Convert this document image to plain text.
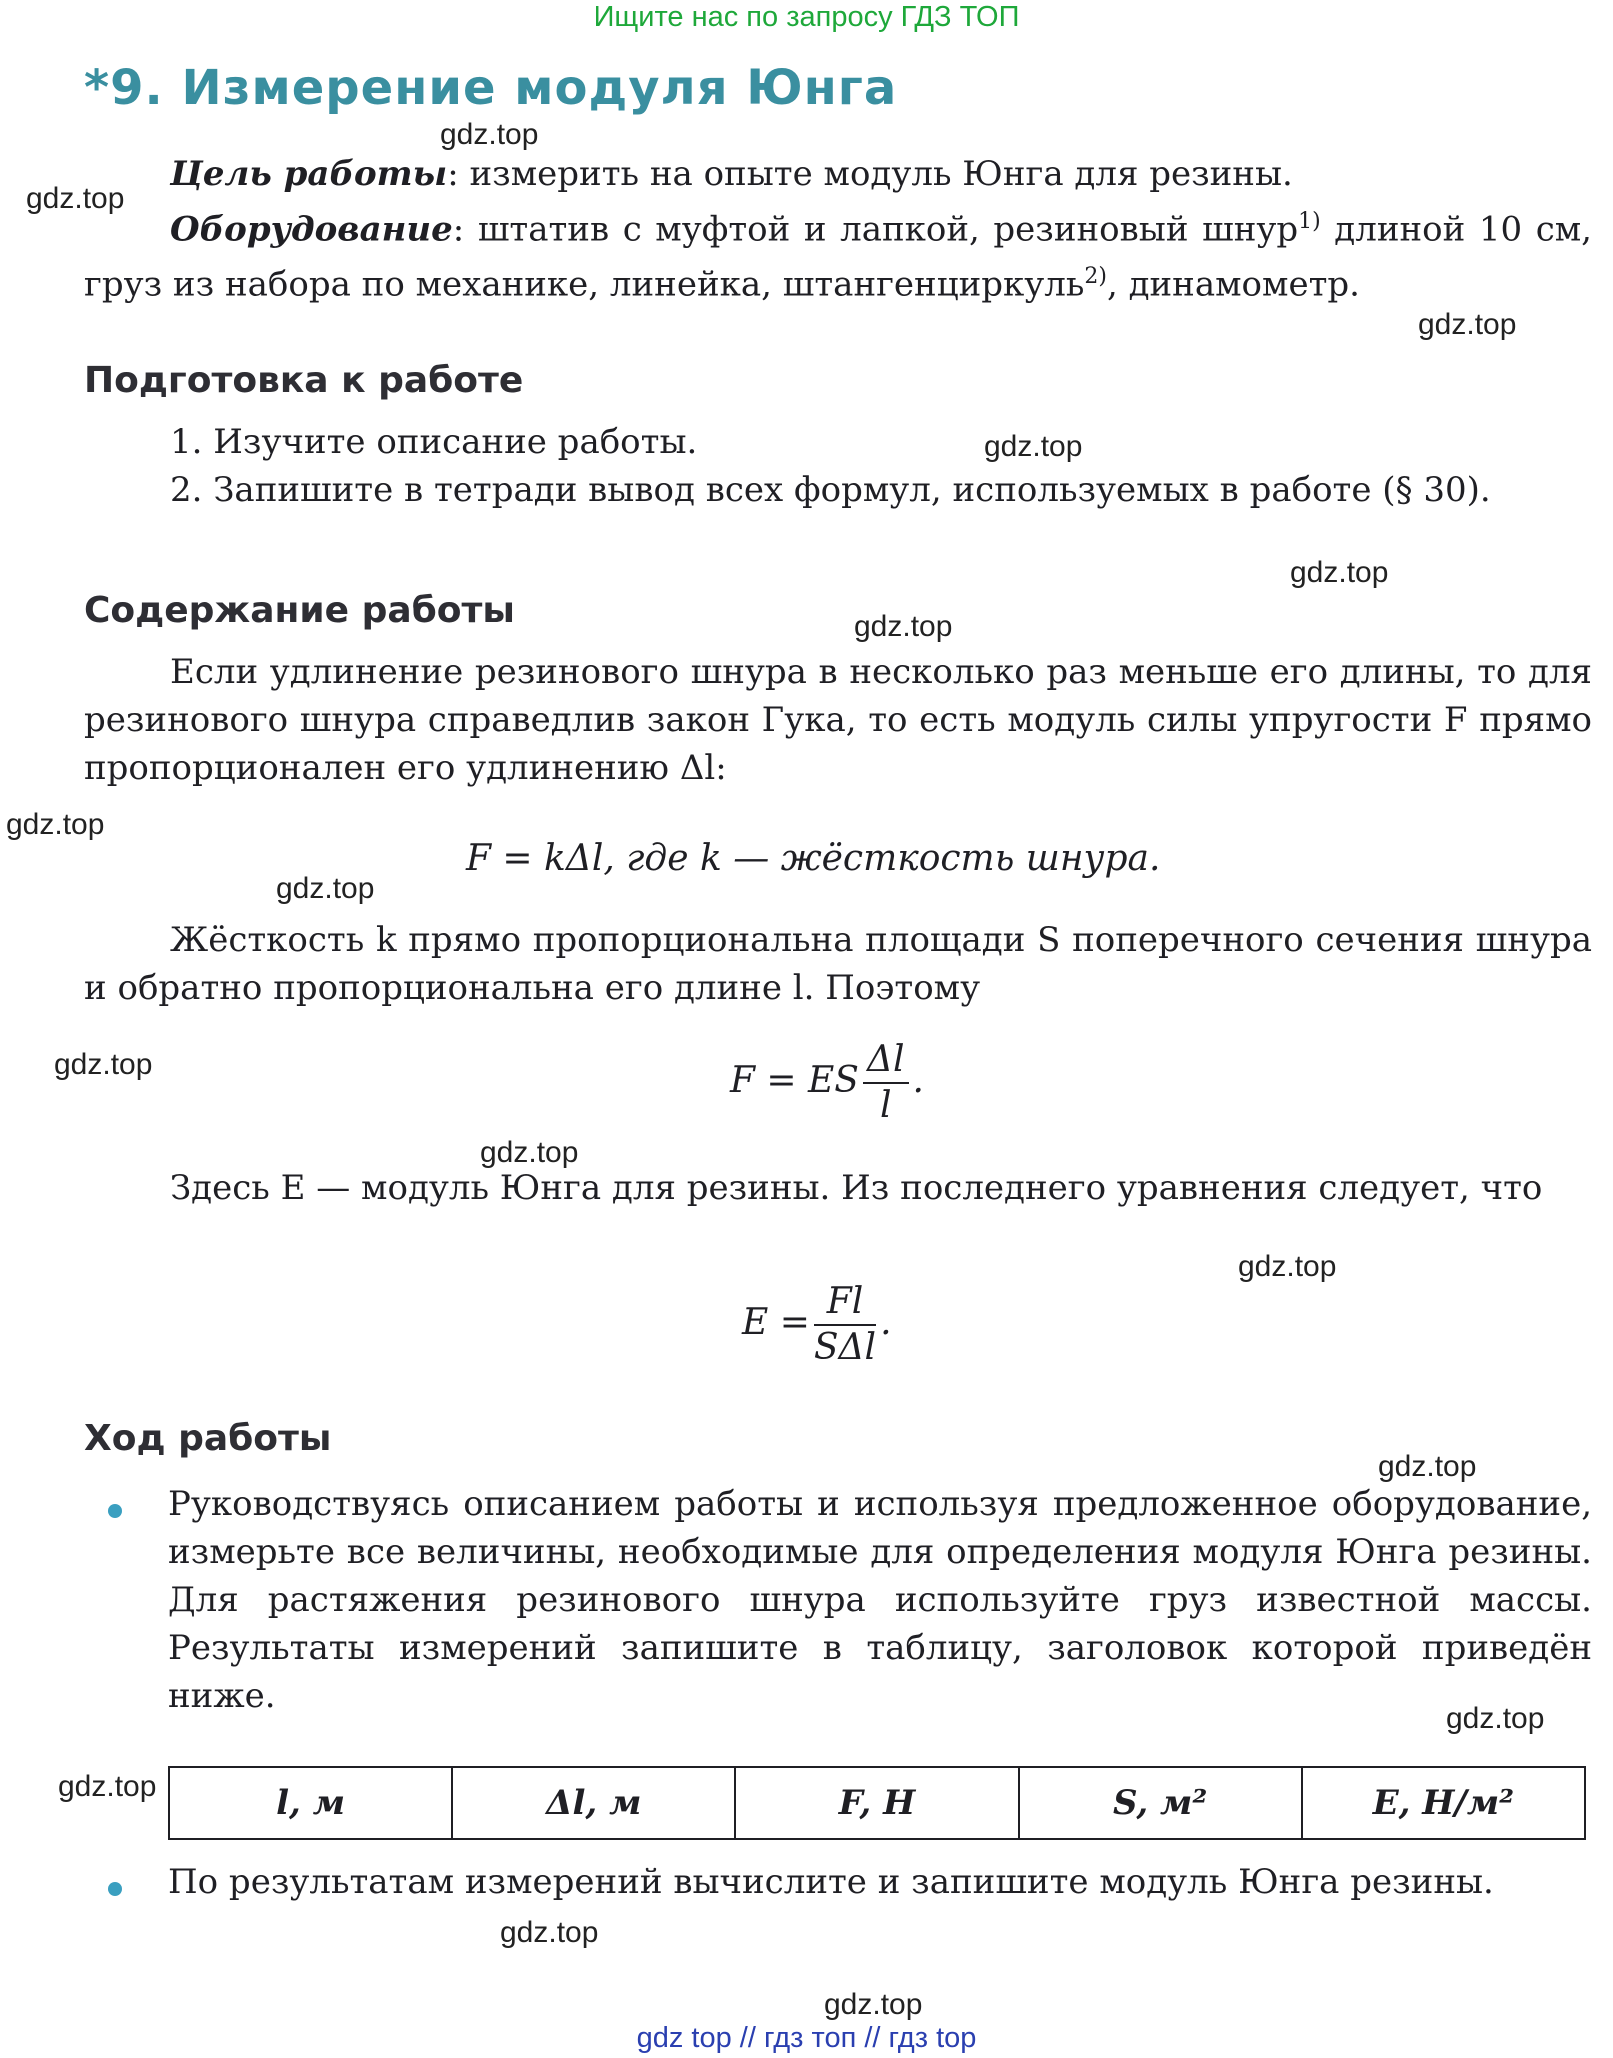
Ищите нас по запросу ГДЗ ТОП
*9. Измерение модуля Юнга

Цель работы: измерить на опыте модуль Юнга для резины.
Оборудование: штатив с муфтой и лапкой, резиновый шнур$^{1)}$ длиной 10 см, груз из набора по механике, линейка, штангенциркуль$^{2)}$, динамометр.

Подготовка к работе

1. Изучите описание работы.

2. Запишите в тетради вывод всех формул, используемых в работе (§ 30).

Содержание работы

Если удлинение резинового шнура в несколько раз меньше его длины, то для резинового шнура справедлив закон Гука, то есть модуль силы упругости F прямо пропорционален его удлинению Δl:

F = kΔl, где k — жёсткость шнура.

Жёсткость k прямо пропорциональна площади S поперечного сечения шнура и обратно пропорциональна его длине l. Поэтому

F = ES $\frac{\Delta l}{l}$ .

Здесь E — модуль Юнга для резины. Из последнего уравнения следует, что

$E = \frac{Fl}{\text{SΔl}}$ .
Ход работы

Руководствуясь описанием работы и используя предложенное оборудование, измерьте все величины, необходимые для определения модуля Юнга резины. Для растяжения резинового шнура используйте груз известной массы. Результаты измерений запишите в таблицу, заголовок которой приведён ниже.

l, м	Δl, м	F, Н	S, м²	E, Н/м²

По результатам измерений вычислите и запишите модуль Юнга резины.

gdz.top
gdz.top
gdz.top
gdz.top
gdz.top
gdz.top
gdz.top
gdz.top
gdz.top
gdz.top
gdz.top
gdz.top
gdz.top
gdz.top
gdz.top
gdz.top
gdz top // гдз топ // гдз top
